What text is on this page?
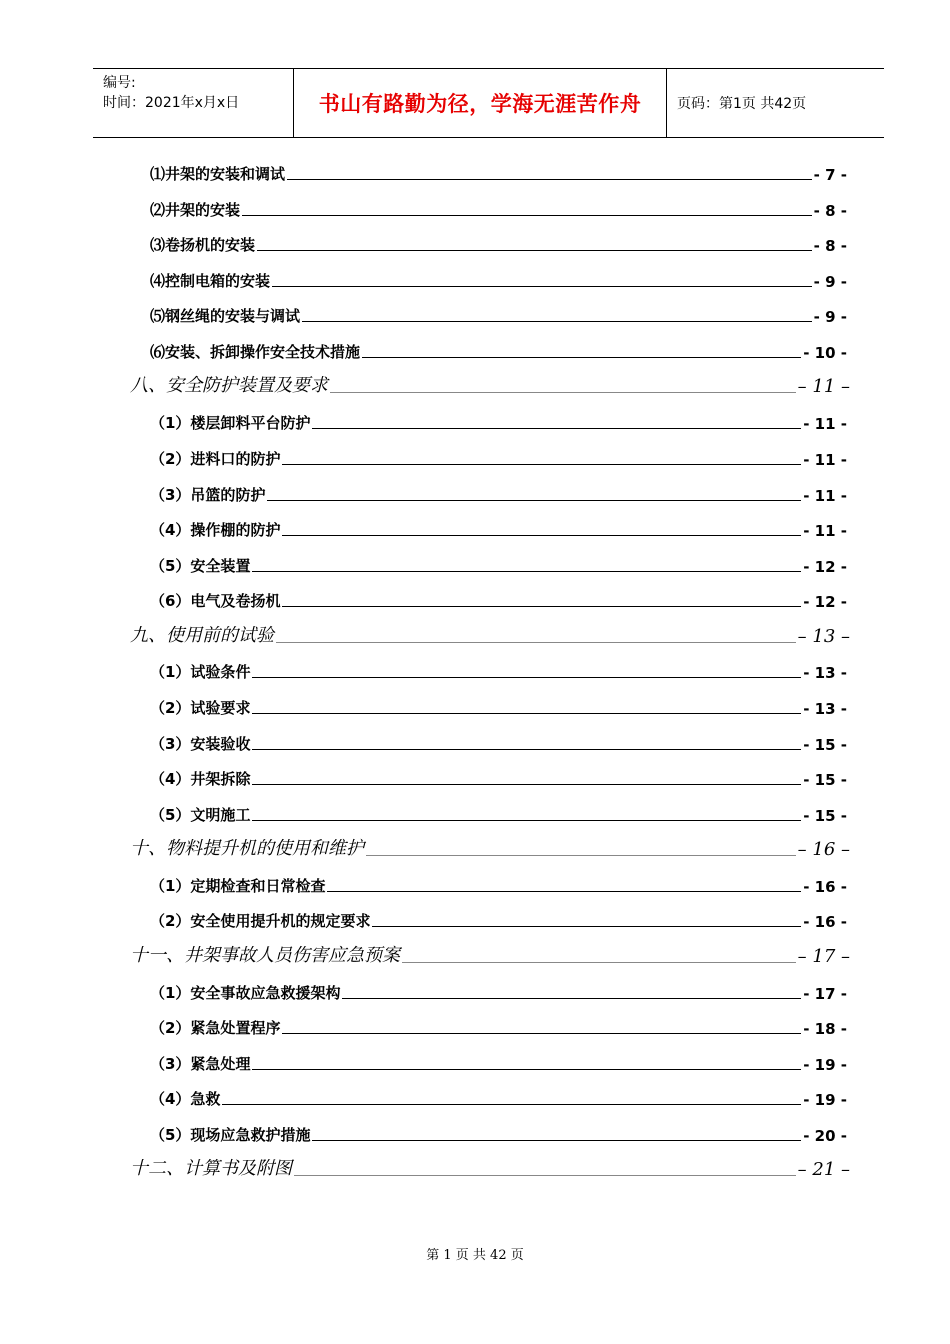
编号:
时间：2021年x月x日	书山有路勤为径，学海无涯苦作舟	页码：第1页 共42页
⑴井架的安装和调试	- 7 -
⑵井架的安装	- 8 -
⑶卷扬机的安装	- 8 -
⑷控制电箱的安装	- 9 -
⑸钢丝绳的安装与调试	- 9 -
⑹安装、拆卸操作安全技术措施	- 10 -
八、安全防护装置及要求	– 11 –
（1）楼层卸料平台防护	- 11 -
（2）进料口的防护	- 11 -
（3）吊篮的防护	- 11 -
（4）操作棚的防护	- 11 -
（5）安全装置	- 12 -
（6）电气及卷扬机	- 12 -
九、使用前的试验	– 13 –
（1）试验条件	- 13 -
（2）试验要求	- 13 -
（3）安装验收	- 15 -
（4）井架拆除	- 15 -
（5）文明施工	- 15 -
十、物料提升机的使用和维护	– 16 –
（1）定期检查和日常检查	- 16 -
（2）安全使用提升机的规定要求	- 16 -
十一、井架事故人员伤害应急预案	– 17 –
（1）安全事故应急救援架构	- 17 -
（2）紧急处置程序	- 18 -
（3）紧急处理	- 19 -
（4）急救	- 19 -
（5）现场应急救护措施	- 20 -
十二、计算书及附图	– 21 –
第 1 页 共 42 页
